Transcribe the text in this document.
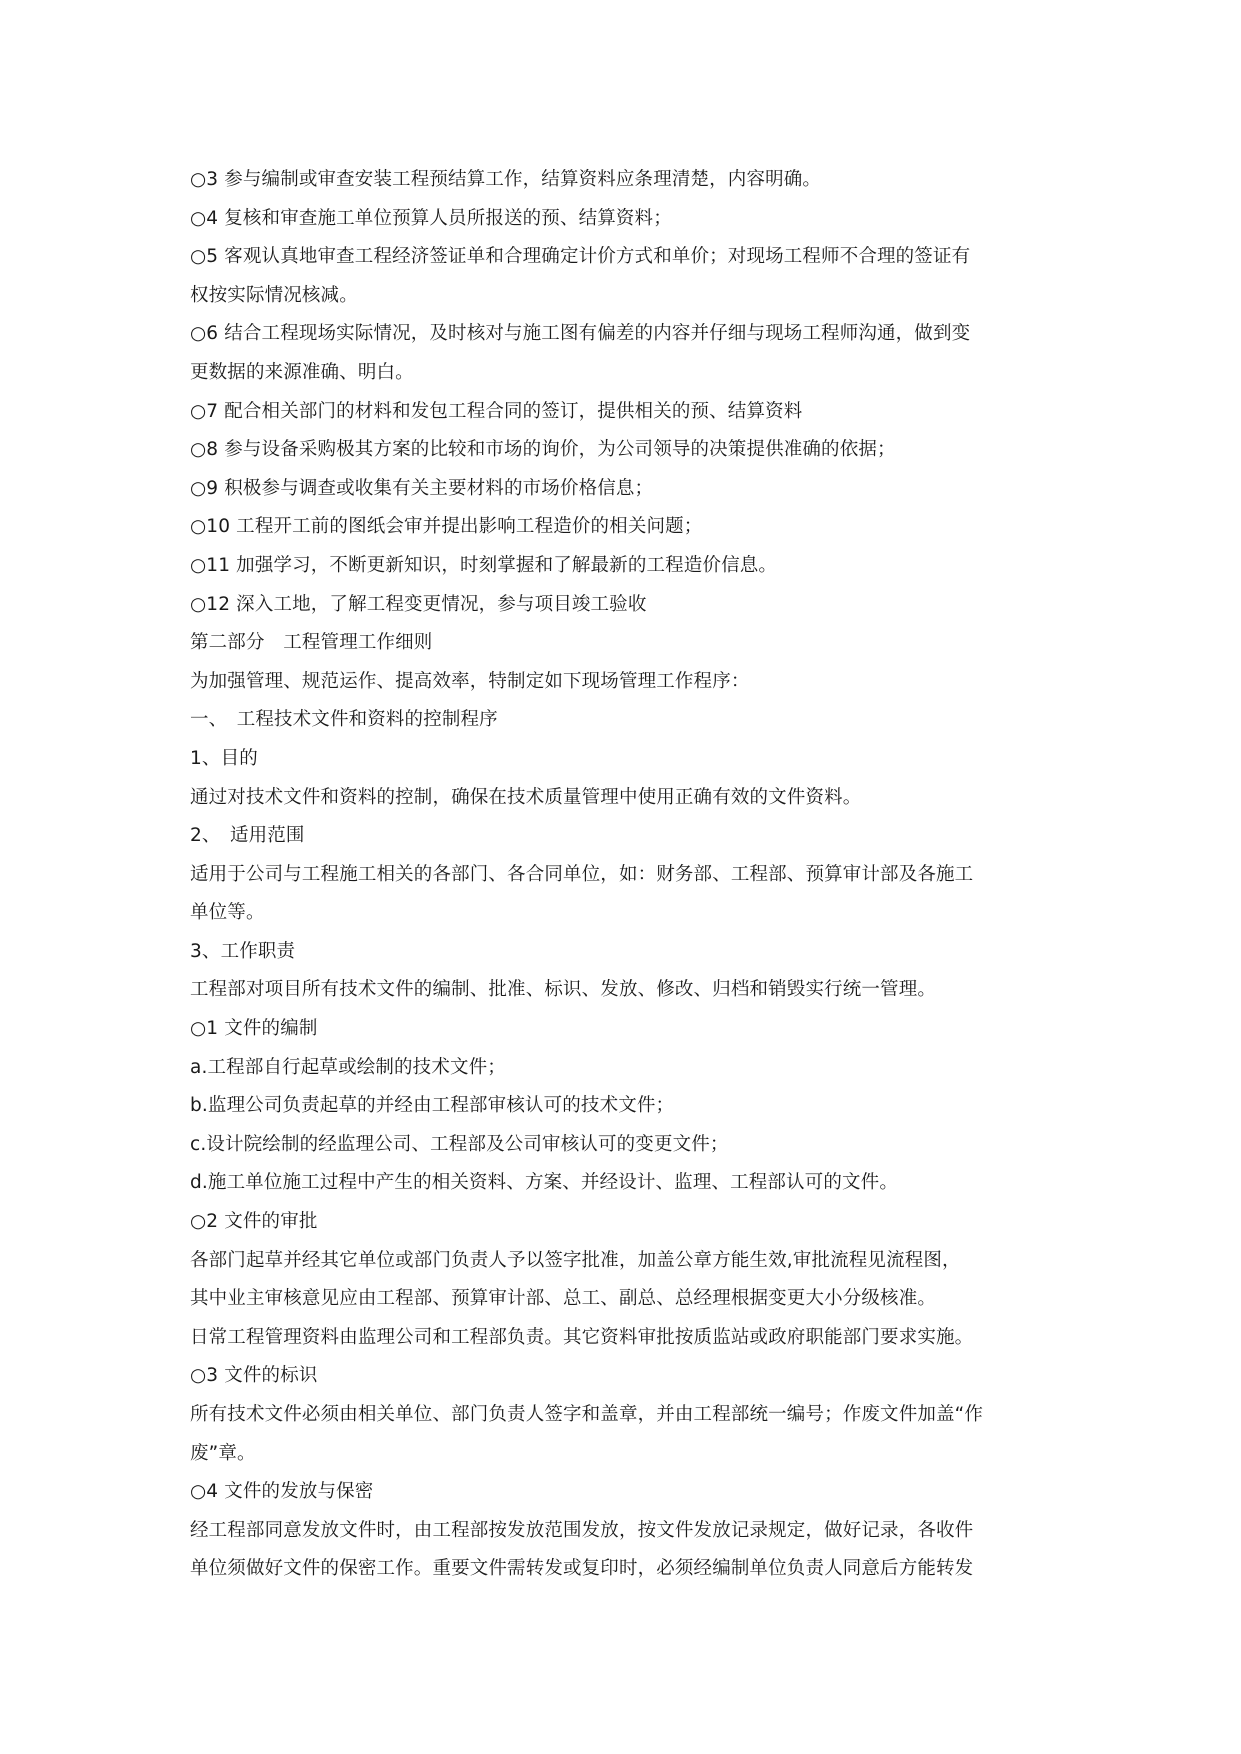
○3 参与编制或审查安装工程预结算工作，结算资料应条理清楚，内容明确。
○4 复核和审查施工单位预算人员所报送的预、结算资料；
○5 客观认真地审查工程经济签证单和合理确定计价方式和单价；对现场工程师不合理的签证有
权按实际情况核减。
○6 结合工程现场实际情况，及时核对与施工图有偏差的内容并仔细与现场工程师沟通，做到变
更数据的来源准确、明白。
○7 配合相关部门的材料和发包工程合同的签订，提供相关的预、结算资料
○8 参与设备采购极其方案的比较和市场的询价，为公司领导的决策提供准确的依据；
○9 积极参与调查或收集有关主要材料的市场价格信息；
○10 工程开工前的图纸会审并提出影响工程造价的相关问题；
○11 加强学习，不断更新知识，时刻掌握和了解最新的工程造价信息。
○12 深入工地，了解工程变更情况，参与项目竣工验收
第二部分　工程管理工作细则
为加强管理、规范运作、提高效率，特制定如下现场管理工作程序：
一、　工程技术文件和资料的控制程序
1、目的
通过对技术文件和资料的控制，确保在技术质量管理中使用正确有效的文件资料。
2、　适用范围
适用于公司与工程施工相关的各部门、各合同单位，如：财务部、工程部、预算审计部及各施工
单位等。
3、工作职责
工程部对项目所有技术文件的编制、批准、标识、发放、修改、归档和销毁实行统一管理。
○1 文件的编制
a.工程部自行起草或绘制的技术文件；
b.监理公司负责起草的并经由工程部审核认可的技术文件；
c.设计院绘制的经监理公司、工程部及公司审核认可的变更文件；
d.施工单位施工过程中产生的相关资料、方案、并经设计、监理、工程部认可的文件。
○2 文件的审批
各部门起草并经其它单位或部门负责人予以签字批准，加盖公章方能生效,审批流程见流程图，
其中业主审核意见应由工程部、预算审计部、总工、副总、总经理根据变更大小分级核准。
日常工程管理资料由监理公司和工程部负责。其它资料审批按质监站或政府职能部门要求实施。
○3 文件的标识
所有技术文件必须由相关单位、部门负责人签字和盖章，并由工程部统一编号；作废文件加盖“作
废”章。
○4 文件的发放与保密
经工程部同意发放文件时，由工程部按发放范围发放，按文件发放记录规定，做好记录，各收件
单位须做好文件的保密工作。重要文件需转发或复印时，必须经编制单位负责人同意后方能转发
